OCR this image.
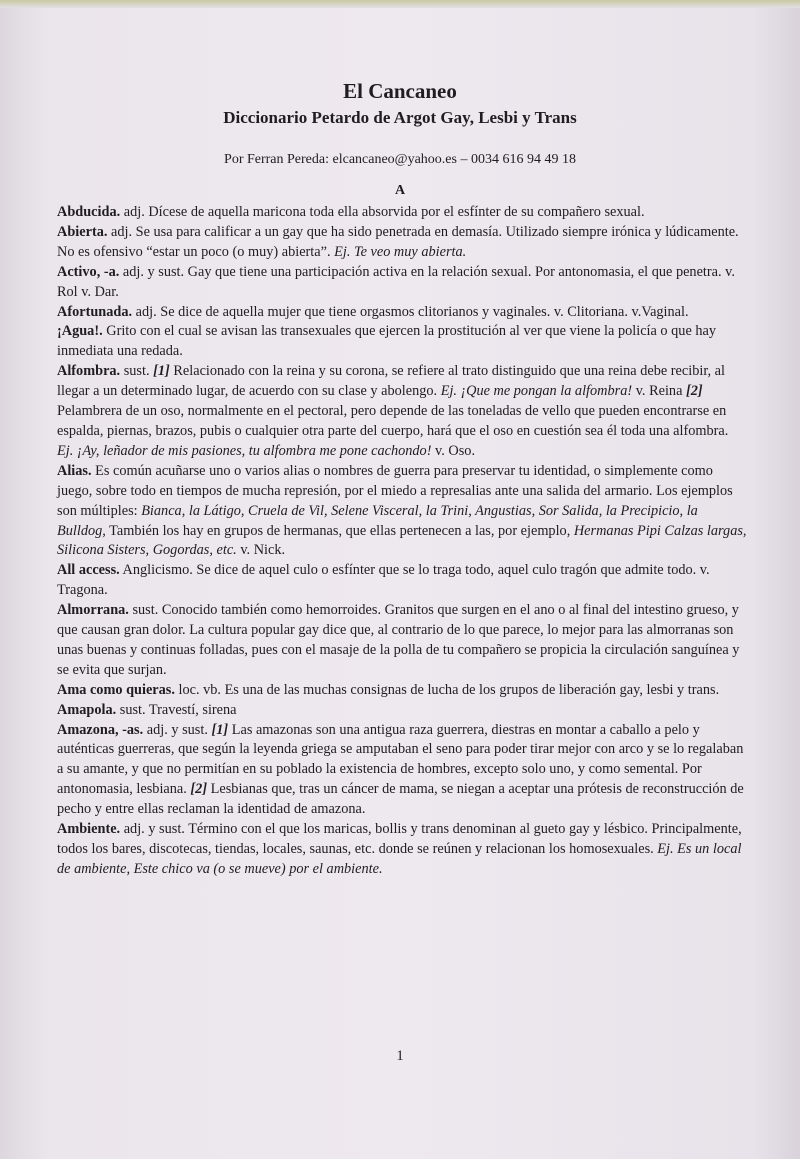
El Cancaneo

Diccionario Petardo de Argot Gay, Lesbi y Trans

Por Ferran Pereda: elcancaneo@yahoo.es – 0034 616 94 49 18

A

Abducida. adj. Dícese de aquella maricona toda ella absorvida por el esfínter de su compañero sexual.

Abierta. adj. Se usa para calificar a un gay que ha sido penetrada en demasía. Utilizado siempre irónica y lúdicamente. No es ofensivo “estar un poco (o muy) abierta”. Ej. Te veo muy abierta.

Activo, -a. adj. y sust. Gay que tiene una participación activa en la relación sexual. Por antonomasia, el que penetra. v. Rol v. Dar.

Afortunada. adj. Se dice de aquella mujer que tiene orgasmos clitorianos y vaginales. v. Clitoriana. v.Vaginal.

¡Agua!. Grito con el cual se avisan las transexuales que ejercen la prostitución al ver que viene la policía o que hay inmediata una redada.

Alfombra. sust. [1] Relacionado con la reina y su corona, se refiere al trato distinguido que una reina debe recibir, al llegar a un determinado lugar, de acuerdo con su clase y abolengo. Ej. ¡Que me pongan la alfombra! v. Reina [2] Pelambrera de un oso, normalmente en el pectoral, pero depende de las toneladas de vello que pueden encontrarse en espalda, piernas, brazos, pubis o cualquier otra parte del cuerpo, hará que el oso en cuestión sea él toda una alfombra. Ej. ¡Ay, leñador de mis pasiones, tu alfombra me pone cachondo! v. Oso.

Alias. Es común acuñarse uno o varios alias o nombres de guerra para preservar tu identidad, o simplemente como juego, sobre todo en tiempos de mucha represión, por el miedo a represalias ante una salida del armario. Los ejemplos son múltiples: Bianca, la Látigo, Cruela de Vil, Selene Visceral, la Trini, Angustias, Sor Salida, la Precipicio, la Bulldog, También los hay en grupos de hermanas, que ellas pertenecen a las, por ejemplo, Hermanas Pipi Calzas largas, Silicona Sisters, Gogordas, etc. v. Nick.

All access. Anglicismo. Se dice de aquel culo o esfínter que se lo traga todo, aquel culo tragón que admite todo. v. Tragona.

Almorrana. sust. Conocido también como hemorroides. Granitos que surgen en el ano o al final del intestino grueso, y que causan gran dolor. La cultura popular gay dice que, al contrario de lo que parece, lo mejor para las almorranas son unas buenas y continuas folladas, pues con el masaje de la polla de tu compañero se propicia la circulación sanguínea y se evita que surjan.

Ama como quieras. loc. vb. Es una de las muchas consignas de lucha de los grupos de liberación gay, lesbi y trans.

Amapola. sust. Travestí, sirena

Amazona, -as. adj. y sust. [1] Las amazonas son una antigua raza guerrera, diestras en montar a caballo a pelo y auténticas guerreras, que según la leyenda griega se amputaban el seno para poder tirar mejor con arco y se lo regalaban a su amante, y que no permitían en su poblado la existencia de hombres, excepto solo uno, y como semental. Por antonomasia, lesbiana. [2] Lesbianas que, tras un cáncer de mama, se niegan a aceptar una prótesis de reconstrucción de pecho y entre ellas reclaman la identidad de amazona.

Ambiente. adj. y sust. Término con el que los maricas, bollis y trans denominan al gueto gay y lésbico. Principalmente, todos los bares, discotecas, tiendas, locales, saunas, etc. donde se reúnen y relacionan los homosexuales. Ej. Es un local de ambiente, Este chico va (o se mueve) por el ambiente.

1
